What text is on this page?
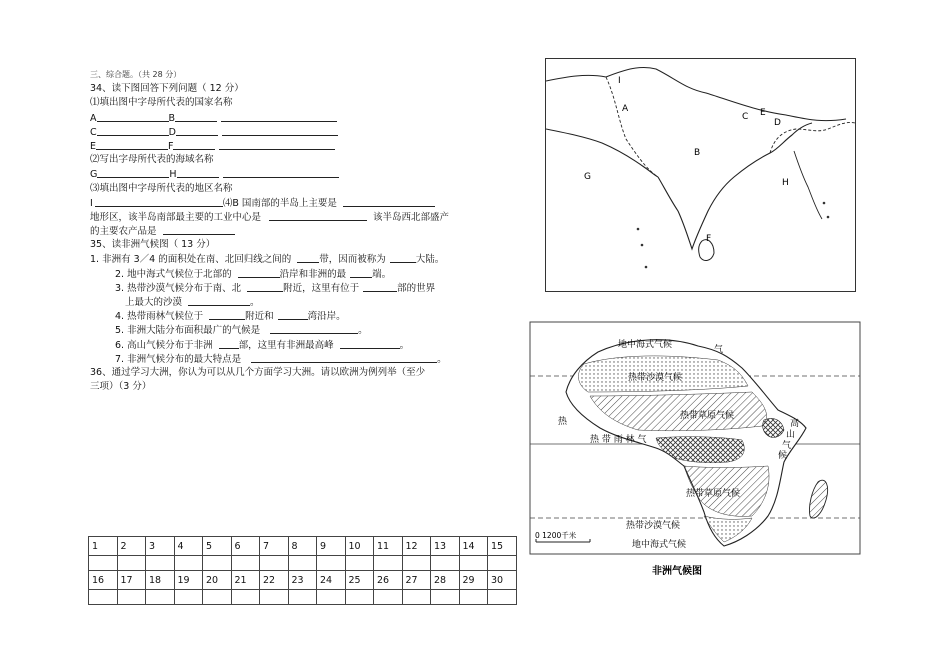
三、综合题。（共 28 分）
34、读下图回答下列问题（ 12 分）
⑴填出图中字母所代表的国家名称
A	B
C	D
E	F
⑵写出字母所代表的海域名称
G	H
⑶填出图中字母所代表的地区名称
I	⑷B 国南部的半岛上主要是
地形区，该半岛南部最主要的工业中心是	该半岛西北部盛产
的主要农产品是
35、读非洲气候图（ 13 分）
1. 非洲有 3／4 的面积处在南、北回归线之间的	带，因而被称为	大陆。
2. 地中海式气候位于北部的	沿岸和非洲的最	端。
3. 热带沙漠气候分布于南、北	附近，这里有位于	部的世界
上最大的沙漠	。
4. 热带雨林气候位于	附近和	湾沿岸。
5. 非洲大陆分布面积最广的气候是	。
6. 高山气候分布于非洲	部，这里有非洲最高峰	。
7. 非洲气候分布的最大特点是	。
36、通过学习大洲，你认为可以从几个方面学习大洲。请以欧洲为例列举（至少
三项）（3 分）
1	2	3	4	5	6	7	8	9	10	11	12	13	14	15

16	17	18	19	20	21	22	23	24	25	26	27	28	29	30

I
A
B
C
D
E
F
G
H
地中海式气候	气
热带沙漠气候
热带草原气候
热
热 带 雨 林 气
高
山
气
候
热带草原气候
热带沙漠气候
地中海式气候
0 1200千米
非洲气候图
